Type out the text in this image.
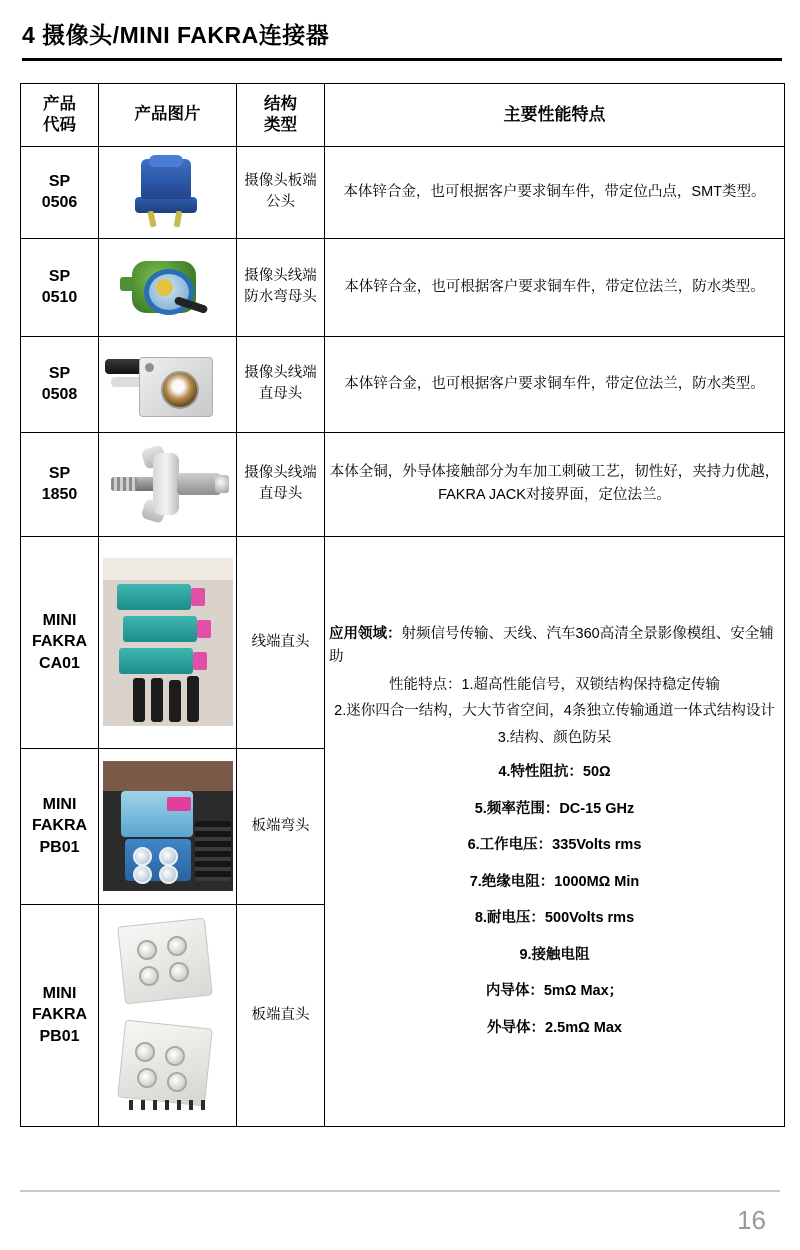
4 摄像头/MINI FAKRA连接器
产品
代码
	产品图片	
结构
类型
	主要性能特点

SP
0506		摄像头板端公头	本体锌合金，也可根据客户要求铜车件，带定位凸点，SMT类型。

SP
0510		摄像头线端防水弯母头	本体锌合金，也可根据客户要求铜车件，带定位法兰，防水类型。

SP
0508		摄像头线端直母头	本体锌合金，也可根据客户要求铜车件，带定位法兰，防水类型。

SP
1850		摄像头线端直母头	本体全铜，外导体接触部分为车加工刺破工艺，韧性好，夹持力优越，FAKRA JACK对接界面，定位法兰。

MINI
FAKRA
CA01

	线端直头	应用领域：射频信号传输、天线、汽车360高清全景影像模组、安全辅助

性能特点：1.超高性能信号，双锁结构保持稳定传输

2.迷你四合一结构，大大节省空间，4条独立传输通道一体式结构设计

3.结构、颜色防呆

4.特性阻抗：50Ω

5.频率范围：DC-15 GHz

6.工作电压：335Volts rms

7.绝缘电阻：1000MΩ Min

8.耐电压：500Volts rms

9.接触电阻

内导体：5mΩ Max；

外导体：2.5mΩ Max

MINI
FAKRA
PB01		板端弯头	

MINI
FAKRA
PB01		板端直头	
16
